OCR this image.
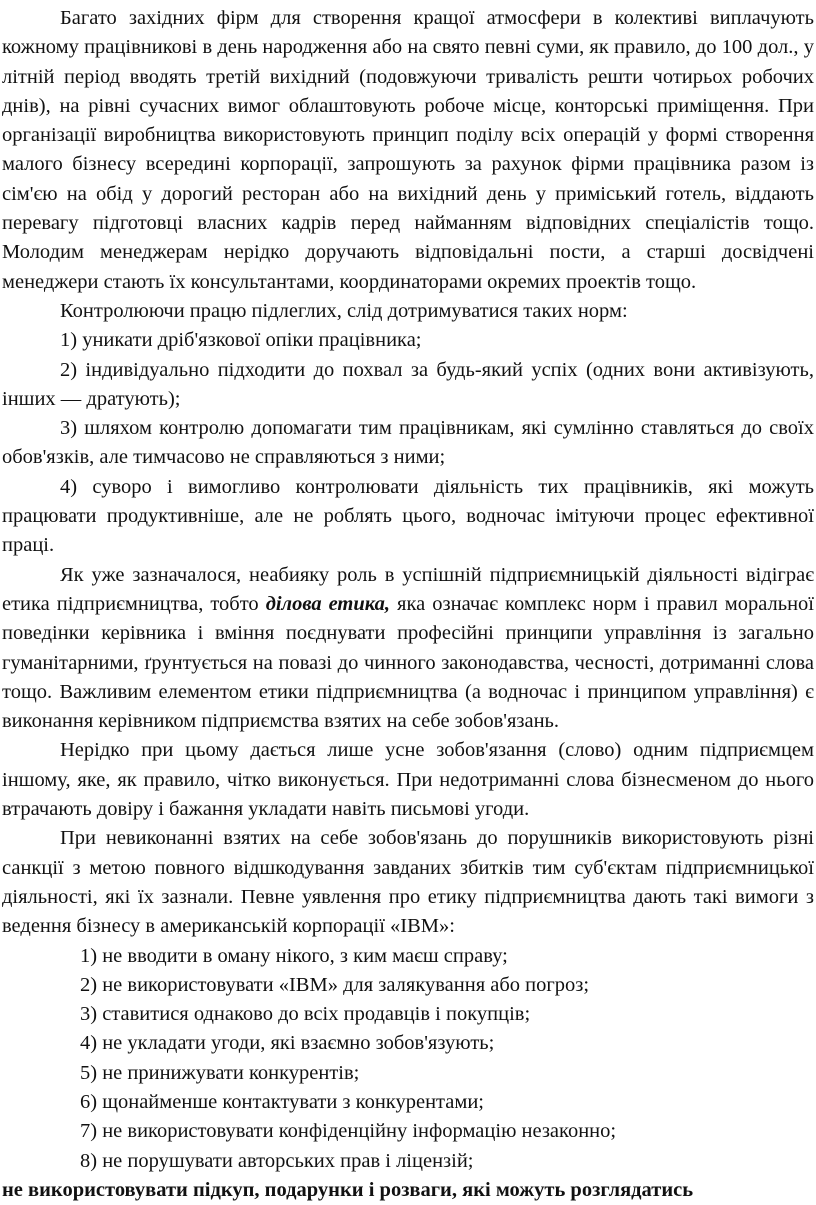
Багато західних фірм для створення кращої атмосфери в колективі виплачують кожному працівникові в день народження або на свято певні суми, як правило, до 100 дол., у літній період вводять третій вихідний (подовжуючи тривалість решти чотирьох робочих днів), на рівні сучасних вимог облаштовують робоче місце, конторські приміщення. При організації виробництва використовують принцип поділу всіх операцій у формі створення малого бізнесу всередині корпорації, запрошують за рахунок фірми працівника разом із сім'єю на обід у дорогий ресторан або на вихідний день у приміський готель, віддають перевагу підготовці власних кадрів перед найманням відповідних спеціалістів тощо. Молодим менеджерам нерідко доручають відповідальні пости, а старші досвідчені менеджери стають їх консультантами, координаторами окремих проектів тощо.

Контролюючи працю підлеглих, слід дотримуватися таких норм:

1) уникати дріб'язкової опіки працівника;

2) індивідуально підходити до похвал за будь-який успіх (одних вони активізують, інших — дратують);

3) шляхом контролю допомагати тим працівникам, які сумлінно ставляться до своїх обов'язків, але тимчасово не справляються з ними;

4) суворо і вимогливо контролювати діяльність тих працівників, які можуть працювати продуктивніше, але не роблять цього, водночас імітуючи процес ефективної праці.

Як уже зазначалося, неабияку роль в успішній підприємницькій діяльності відіграє етика підприємництва, тобто ділова етика, яка означає комплекс норм і правил моральної поведінки керівника і вміння поєднувати професійні принципи управління із загально гуманітарними, ґрунтується на повазі до чинного законодавства, чесності, дотриманні слова тощо. Важливим елементом етики підприємництва (а водночас і принципом управління) є виконання керівником підприємства взятих на себе зобов'язань.

Нерідко при цьому дається лише усне зобов'язання (слово) одним підприємцем іншому, яке, як правило, чітко виконується. При недотриманні слова бізнесменом до нього втрачають довіру і бажання укладати навіть письмові угоди.

При невиконанні взятих на себе зобов'язань до порушників використовують різні санкції з метою повного відшкодування завданих збитків тим суб'єктам підприємницької діяльності, які їх зазнали. Певне уявлення про етику підприємництва дають такі вимоги з ведення бізнесу в американській корпорації «IBM»:

1) не вводити в оману нікого, з ким маєш справу;

2) не використовувати «IBM» для залякування або погроз;

3) ставитися однаково до всіх продавців і покупців;

4) не укладати угоди, які взаємно зобов'язують;

5) не принижувати конкурентів;

6) щонайменше контактувати з конкурентами;

7) не використовувати конфіденційну інформацію незаконно;

8) не порушувати авторських прав і ліцензій;

не використовувати підкуп, подарунки і розваги, які можуть розглядатись
